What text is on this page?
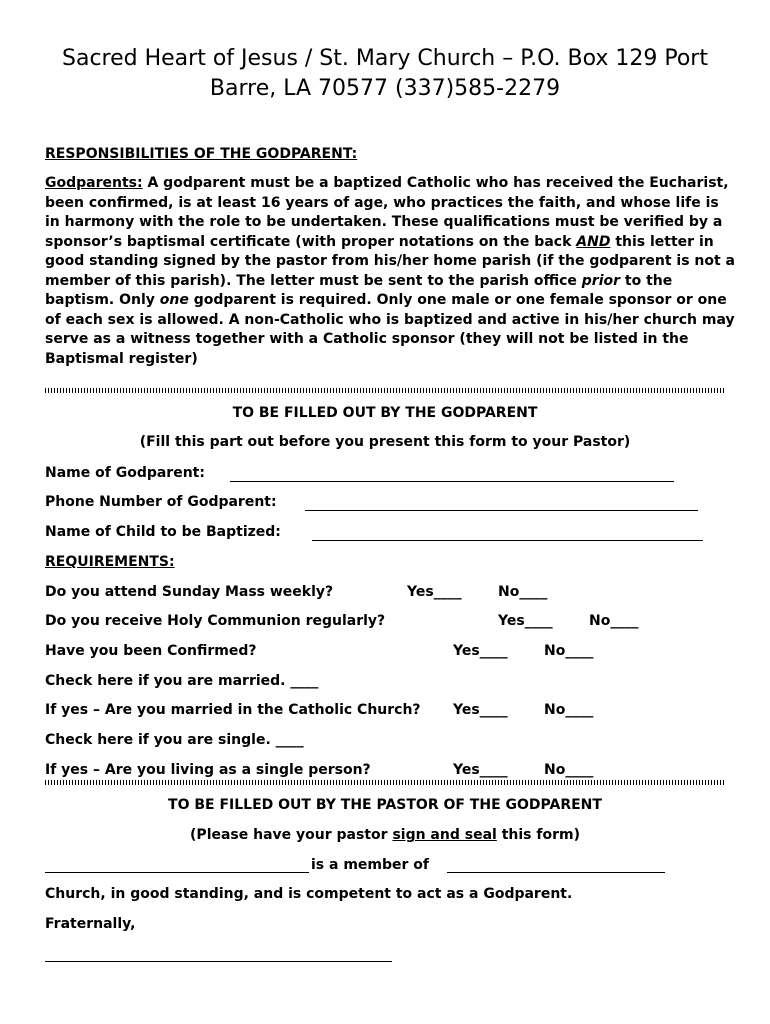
Sacred Heart of Jesus / St. Mary Church – P.O. Box 129 Port
Barre, LA 70577 (337)585-2279
RESPONSIBILITIES OF THE GODPARENT:
Godparents: A godparent must be a baptized Catholic who has received the Eucharist, been confirmed, is at least 16 years of age, who practices the faith, and whose life is in harmony with the role to be undertaken. These qualifications must be verified by a sponsor’s baptismal certificate (with proper notations on the back AND this letter in good standing signed by the pastor from his/her home parish (if the godparent is not a member of this parish). The letter must be sent to the parish office prior to the baptism. Only one godparent is required. Only one male or one female sponsor or one of each sex is allowed. A non-Catholic who is baptized and active in his/her church may serve as a witness together with a Catholic sponsor (they will not be listed in the Baptismal register)
TO BE FILLED OUT BY THE GODPARENT
(Fill this part out before you present this form to your Pastor)
Name of Godparent:
Phone Number of Godparent:
Name of Child to be Baptized:
REQUIREMENTS:
Do you attend Sunday Mass weekly?	Yes____	No____
Do you receive Holy Communion regularly?	Yes____	No____
Have you been Confirmed?	Yes____	No____
Check here if you are married. ____
If yes – Are you married in the Catholic Church? Yes____	No____
Check here if you are single. ____
If yes – Are you living as a single person?	Yes____	No____
TO BE FILLED OUT BY THE PASTOR OF THE GODPARENT
(Please have your pastor sign and seal this form)
is a member of
Church, in good standing, and is competent to act as a Godparent.
Fraternally,
